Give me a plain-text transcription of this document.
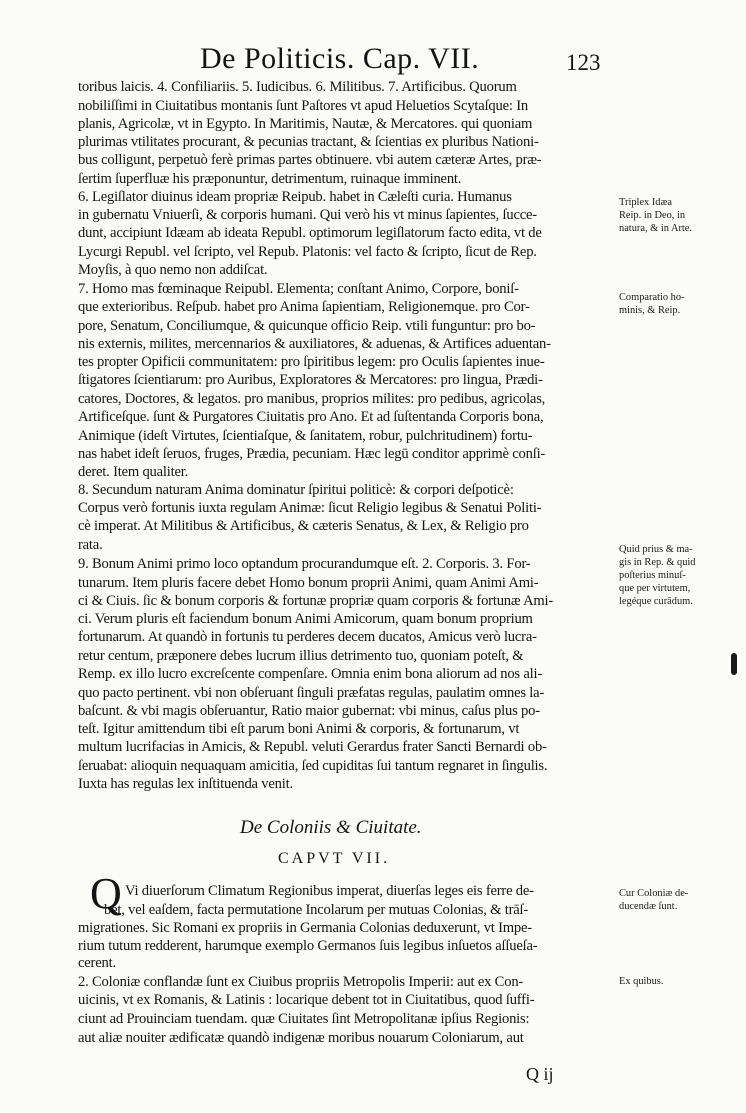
De Politicis. Cap. VII.	123
toribus laicis. 4. Confiliariis. 5. Iudicibus. 6. Militibus. 7. Artificibus. Quorum
nobiliſſimi in Ciuitatibus montanis ſunt Paſtores vt apud Heluetios Scytaſque: In
planis, Agricolæ, vt in Egypto. In Maritimis, Nautæ, & Mercatores. qui quoniam
plurimas vtilitates procurant, & pecunias tractant, & ſcientias ex pluribus Nationi-
bus colligunt, perpetuò ferè primas partes obtinuere. vbi autem cæteræ Artes, præ-
ſertim ſuperfluæ his præponuntur, detrimentum, ruinaque imminent.
6. Legiſlator diuinus ideam propriæ Reipub. habet in Cæleſti curia. Humanus
in gubernatu Vniuerſi, & corporis humani. Qui verò his vt minus ſapientes, ſucce-
dunt, accipiunt Idæam ab ideata Republ. optimorum legiſlatorum facto edita, vt de
Lycurgi Republ. vel ſcripto, vel Repub. Platonis: vel facto & ſcripto, ſicut de Rep.
Moyſis, à quo nemo non addiſcat.
7. Homo mas fœminaque Reipubl. Elementa; conſtant Animo, Corpore, boniſ-
que exterioribus. Reſpub. habet pro Anima ſapientiam, Religionemque. pro Cor-
pore, Senatum, Conciliumque, & quicunque officio Reip. vtili funguntur: pro bo-
nis externis, milites, mercennarios & auxiliatores, & aduenas, & Artifices aduentan-
tes propter Opificii communitatem: pro ſpiritibus legem: pro Oculis ſapientes inue-
ſtigatores ſcientiarum: pro Auribus, Exploratores & Mercatores: pro lingua, Prædi-
catores, Doctores, & legatos. pro manibus, proprios milites: pro pedibus, agricolas,
Artificeſque. ſunt & Purgatores Ciuitatis pro Ano. Et ad ſuſtentanda Corporis bona,
Animique (ideſt Virtutes, ſcientiaſque, & ſanitatem, robur, pulchritudinem) fortu-
nas habet ideſt ſeruos, fruges, Prædia, pecuniam. Hæc legū conditor apprimè conſi-
deret. Item qualiter.
8. Secundum naturam Anima dominatur ſpiritui politicè: & corpori deſpoticè:
Corpus verò fortunis iuxta regulam Animæ: ſicut Religio legibus & Senatui Politi-
cè imperat. At Militibus & Artificibus, & cæteris Senatus, & Lex, & Religio pro
rata.
9. Bonum Animi primo loco optandum procurandumque eſt. 2. Corporis. 3. For-
tunarum. Item pluris facere debet Homo bonum proprii Animi, quam Animi Ami-
ci & Ciuis. ſic & bonum corporis & fortunæ propriæ quam corporis & fortunæ Ami-
ci. Verum pluris eſt faciendum bonum Animi Amicorum, quam bonum proprium
fortunarum. At quandò in fortunis tu perderes decem ducatos, Amicus verò lucra-
retur centum, præponere debes lucrum illius detrimento tuo, quoniam poteſt, &
Remp. ex illo lucro excreſcente compenſare. Omnia enim bona aliorum ad nos ali-
quo pacto pertinent. vbi non obſeruant ſinguli præfatas regulas, paulatim omnes la-
baſcunt. & vbi magis obſeruantur, Ratio maior gubernat: vbi minus, caſus plus po-
teſt. Igitur amittendum tibi eſt parum boni Animi & corporis, & fortunarum, vt
multum lucrifacias in Amicis, & Republ. veluti Gerardus frater Sancti Bernardi ob-
ſeruabat: alioquin nequaquam amicitia, ſed cupiditas ſui tantum regnaret in ſingulis.
Iuxta has regulas lex inſtituenda venit.
Triplex Idæa
Reip. in Deo, in
natura, & in Arte.
Comparatio ho-
minis, & Reip.
Quid prius & ma-
gis in Rep. & quid
poſterius minuſ-
que per virtutem,
legéque curādum.
De Coloniis & Ciuitate.
CAPVT VII.
Q Vi diuerſorum Climatum Regionibus imperat, diuerſas leges eis ferre de-
bet, vel eaſdem, facta permutatione Incolarum per mutuas Colonias, & trāſ-
migrationes. Sic Romani ex propriis in Germania Colonias deduxerunt, vt Impe-
rium tutum redderent, harumque exemplo Germanos ſuis legibus inſuetos aſſueſa-
cerent.
2. Coloniæ conflandæ ſunt ex Ciuibus propriis Metropolis Imperii: aut ex Con-
uicinis, vt ex Romanis, & Latinis : locarique debent tot in Ciuitatibus, quod ſuffi-
ciunt ad Prouinciam tuendam. quæ Ciuitates ſint Metropolitanæ ipſius Regionis:
aut aliæ nouiter ædificatæ quandò indigenæ moribus nouarum Coloniarum, aut
Cur Coloniæ de-
ducendæ ſunt.
Ex quibus.
Q ij
